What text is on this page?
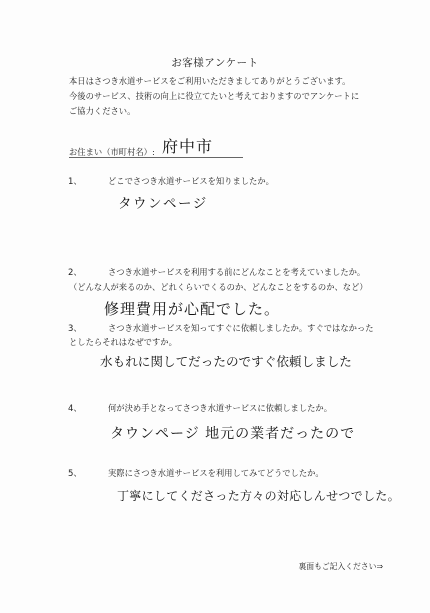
お客様アンケート
本日はさつき水道サービスをご利用いただきましてありがとうございます。
今後のサービス、技術の向上に役立てたいと考えておりますのでアンケートに
ご協力ください。
お住まい（市町村名）: 府中市
1、	どこでさつき水道サービスを知りましたか。
タウンページ
2、	さつき水道サービスを利用する前にどんなことを考えていましたか。
（どんな人が来るのか、どれくらいでくるのか、どんなことをするのか、など）
修理費用が心配でした。
3、	さつき水道サービスを知ってすぐに依頼しましたか。すぐではなかった
としたらそれはなぜですか。
水もれに関してだったのですぐ依頼しました
4、	何が決め手となってさつき水道サービスに依頼しましたか。
タウンページ 地元の業者だったので
5、	実際にさつき水道サービスを利用してみてどうでしたか。
丁寧にしてくださった方々の対応しんせつでした。
裏面もご記入ください⇒
